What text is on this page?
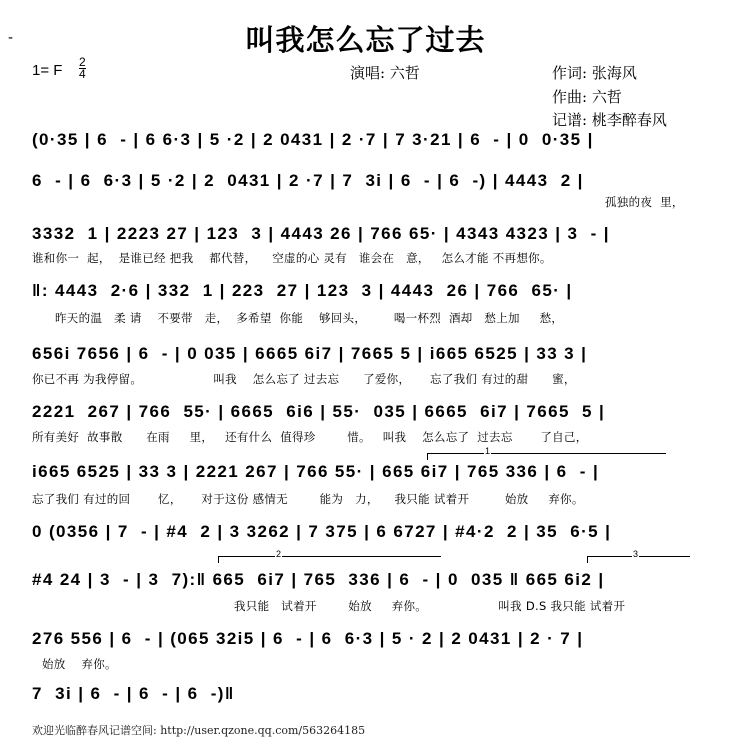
-	叫我怎么忘了过去
1= F $\frac{2}{4}$	演唱: 六哲	作词: 张海风
作曲: 六哲
记谱: 桃李醉春风
(0·35 | 6  - | 6 6·3 | 5 ·2 | 2 0431 | 2 ·7 | 7 3·21 | 6  - | 0  0·35 |
6  - | 6  6·3 | 5 ·2 | 2  0431 | 2 ·7 | 7  3i | 6  - | 6  -) | 4443  2 |
孤独的夜  里，
3332  1 | 2223 27 | 123  3 | 4443 26 | 766 65· | 4343 4323 | 3  - |
谁和你一  起，  是谁已经 把我    都代替，    空虚的心 灵有   谁会在   意，   怎么才能 不再想你。
‖: 4443  2·6 | 332  1 | 223  27 | 123  3 | 4443  26 | 766  65· |
昨天的温   柔 请    不要带   走，  多希望  你能    够回头，       喝一杯烈  酒却   愁上加     愁，
656i 7656 | 6  - | 0 035 | 6665 6i7 | 7665 5 | i665 6525 | 33 3 |
你已不再 为我停留。                  叫我    怎么忘了 过去忘      了爱你，     忘了我们 有过的甜      蜜，
2221  267 | 766  55· | 6665  6i6 | 55·  035 | 6665  6i7 | 7665  5 |
所有美好  故事散      在雨     里，   还有什么  值得珍        惜。   叫我    怎么忘了  过去忘       了自己，
1
i665 6525 | 33 3 | 2221 267 | 766 55· | 665 6i7 | 765 336 | 6  - |
忘了我们 有过的回       忆，     对于这份 感情无        能为   力，    我只能 试着开         始放     弃你。
0 (0356 | 7  - | #4  2 | 3 3262 | 7 375 | 6 6727 | #4·2  2 | 35  6·5 |
2	3
#4 24 | 3  - | 3  7):‖ 665  6i7 | 765  336 | 6  - | 0  035 ‖ 665 6i2 |
我只能   试着开        始放     弃你。                  叫我 D.S 我只能 试着开
276 556 | 6  - | (065 32i5 | 6  - | 6  6·3 | 5 · 2 | 2 0431 | 2 · 7 |
始放    弃你。
7  3i | 6  - | 6  - | 6  -)‖
欢迎光临醉春风记谱空间: http://user.qzone.qq.com/563264185
